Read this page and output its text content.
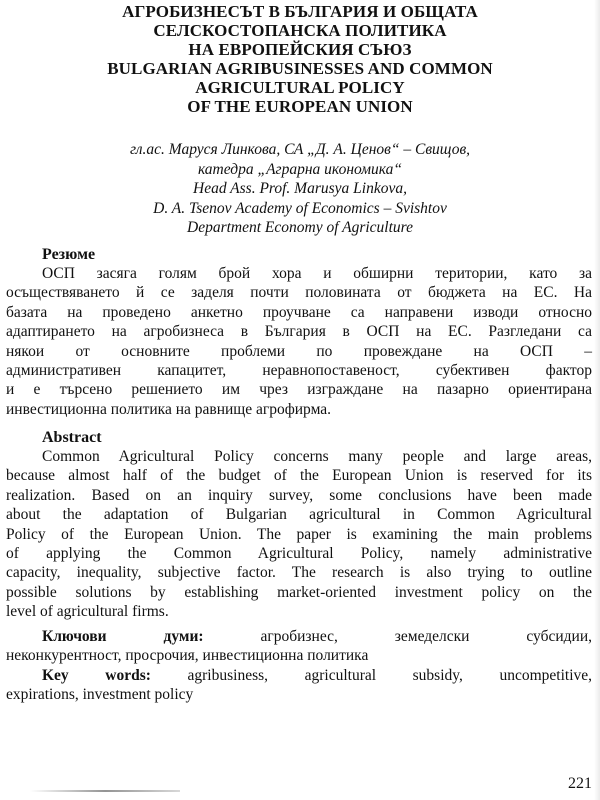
АГРОБИЗНЕСЪТ В БЪЛГАРИЯ И ОБЩАТА
СЕЛСКОСТОПАНСКА ПОЛИТИКА
НА ЕВРОПЕЙСКИЯ СЪЮЗ
BULGARIAN AGRIBUSINESSES AND COMMON
AGRICULTURAL POLICY
OF THE EUROPEAN UNION
гл.ас. Маруся Линкова, СА „Д. А. Ценов“ – Свищов,
катедра „Аграрна икономика“
Head Ass. Prof. Marusya Linkova,
D. A. Tsenov Academy of Economics – Svishtov
Department Economy of Agriculture
Резюме
ОСП засяга голям брой хора и обширни територии, като за
осъществяването й се заделя почти половината от бюджета на ЕС. На
базата на проведено анкетно проучване са направени изводи относно
адаптирането на агробизнеса в България в ОСП на ЕС. Разгледани са
някои от основните проблеми по провеждане на ОСП –
административен капацитет, неравнопоставеност, субективен фактор
и е търсено решението им чрез изграждане на пазарно ориентирана
инвестиционна политика на равнище агрофирма.
Abstract
Common Agricultural Policy concerns many people and large areas,
because almost half of the budget of the European Union is reserved for its
realization. Based on an inquiry survey, some conclusions have been made
about the adaptation of Bulgarian agricultural in Common Agricultural
Policy of the European Union. The paper is examining the main problems
of applying the Common Agricultural Policy, namely administrative
capacity, inequality, subjective factor. The research is also trying to outline
possible solutions by establishing market-oriented investment policy on the
level of agricultural firms.
Ключови думи:	агробизнес, земеделски субсидии,
неконкурентност, просрочия, инвестиционна политика
Key words: agribusiness, agricultural subsidy, uncompetitive,
expirations, investment policy
221
